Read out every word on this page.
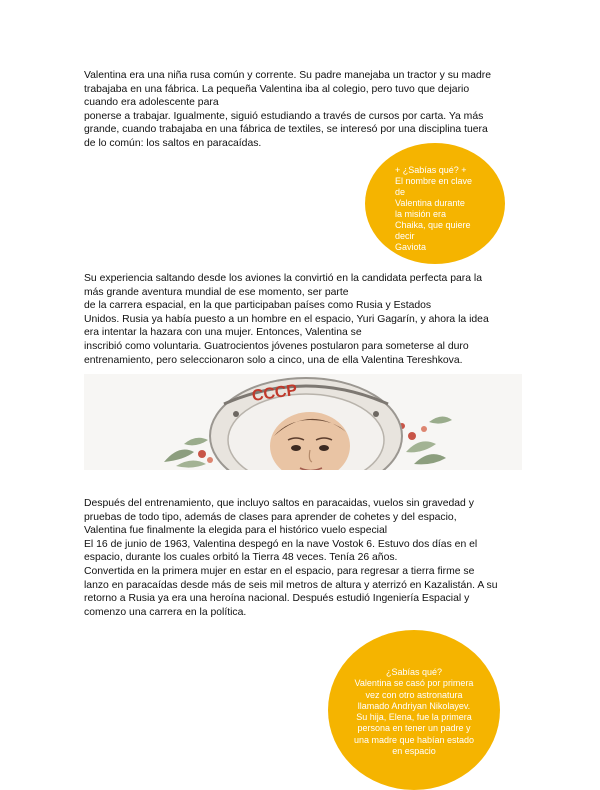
Valentina era una niña rusa común y corrente. Su padre manejaba un tractor y su madre
trabajaba en una fábrica. La pequeña Valentina iba al colegio, pero tuvo que dejario
cuando era adolescente para
ponerse a trabajar. Igualmente, siguió estudiando a través de cursos por carta. Ya más
grande, cuando trabajaba en una fábrica de textiles, se interesó por una disciplina tuera
de lo común: los saltos en paracaídas.
+ ¿Sabías qué? +
El nombre en clave
de
Valentina durante
la misión era
Chaika, que quiere
decir
Gaviota
Su experiencia saltando desde los aviones la convirtió en la candidata perfecta para la
más grande aventura mundial de ese momento, ser parte
de la carrera espacial, en la que participaban países como Rusia y Estados
Unidos. Rusia ya había puesto a un hombre en el espacio, Yuri Gagarín, y ahora la idea
era intentar la hazara con una mujer. Entonces, Valentina se
inscribió como voluntaria. Guatrocientos jóvenes postularon para someterse al duro
entrenamiento, pero seleccionaron solo a cinco, una de ella Valentina Tereshkova.
CCCP
Después del entrenamiento, que incluyo saltos en paracaidas, vuelos sin gravedad y
pruebas de todo tipo, además de clases para aprender de cohetes y del espacio,
Valentina fue finalmente la elegida para el histórico vuelo especial
El 16 de junio de 1963, Valentina despegó en la nave Vostok 6. Estuvo dos días en el
espacio, durante los cuales orbitó la Tierra 48 veces. Tenía 26 años.
Convertida en la primera mujer en estar en el espacio, para regresar a tierra firme se
lanzo en paracaídas desde más de seis mil metros de altura y aterrizó en Kazalistán. A su
retorno a Rusia ya era una heroína nacional. Después estudió Ingeniería Espacial y
comenzo una carrera en la política.
¿Sabías qué?
Valentina se casó por primera
vez con otro astronatura
llamado Andriyan Nikolayev.
Su hija, Elena, fue la primera
persona en tener un padre y
una madre que habían estado
en espacio
